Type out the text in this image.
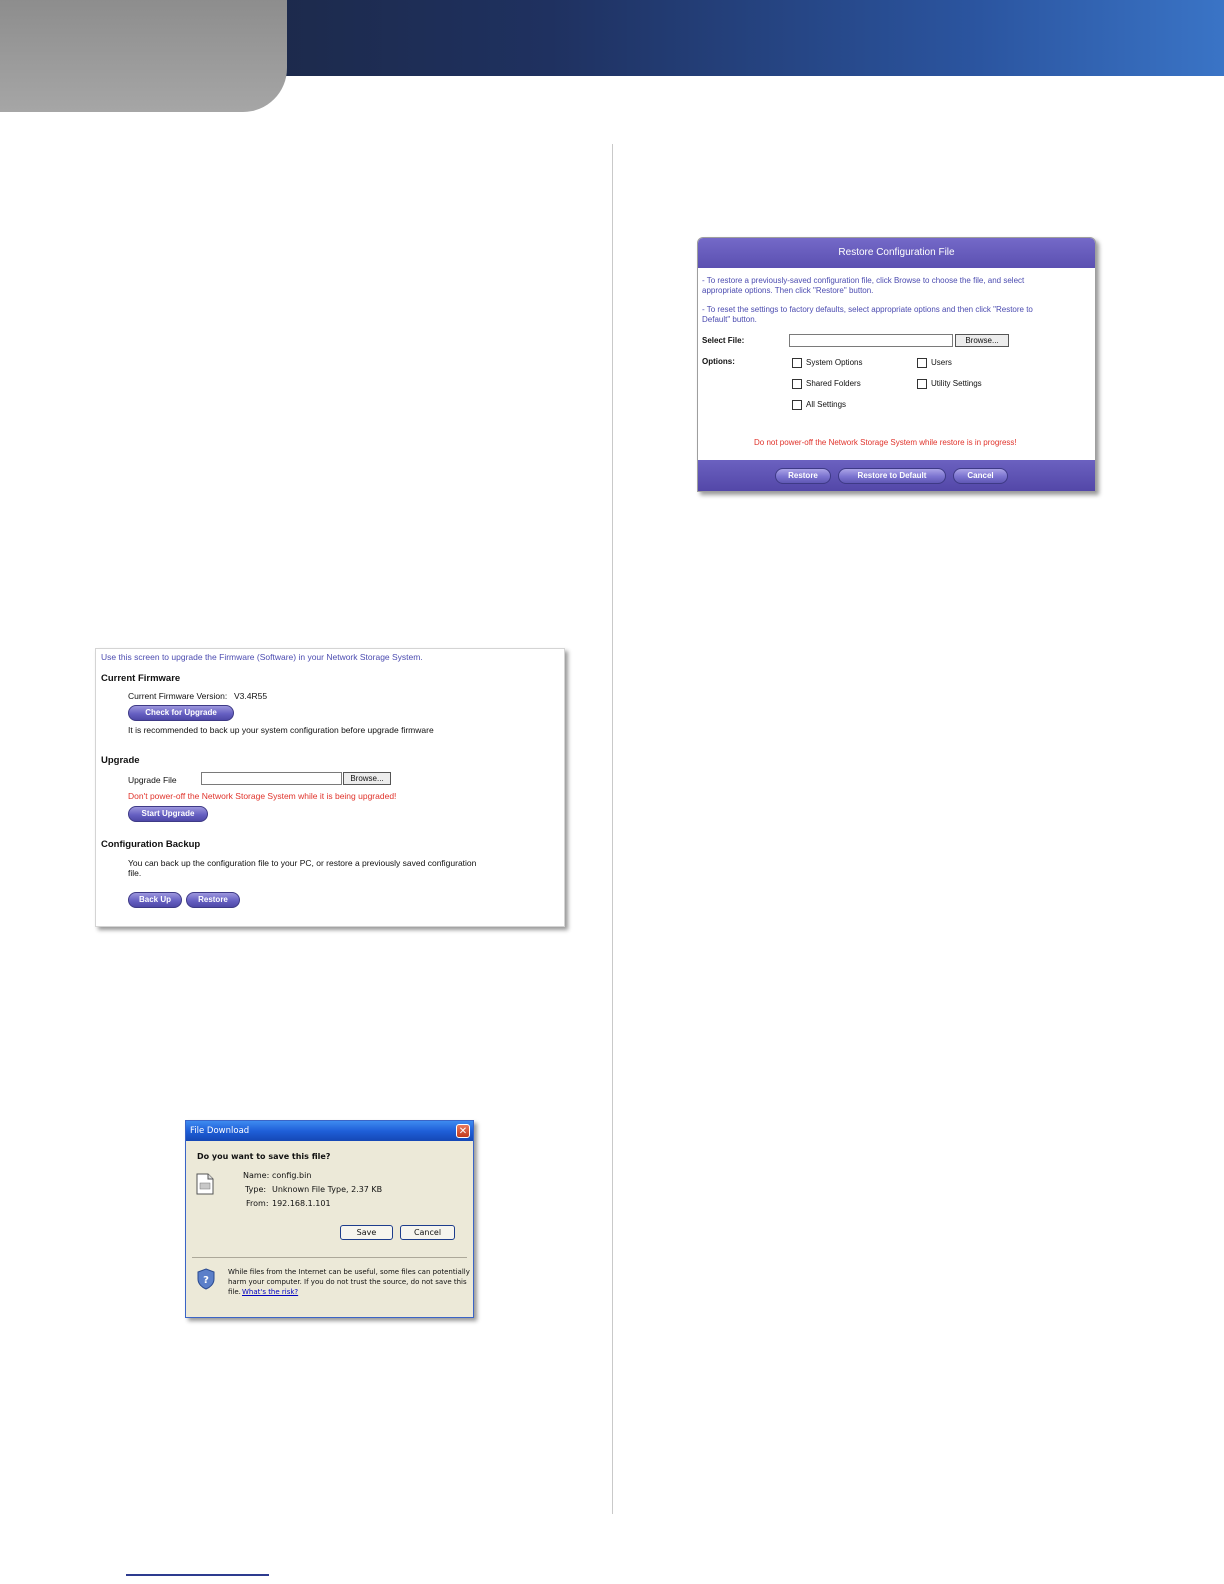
Restore Configuration File
- To restore a previously-saved configuration file, click Browse to choose the file, and select
appropriate options. Then click "Restore" button.
- To reset the settings to factory defaults, select appropriate options and then click "Restore to
Default" button.
Select File:	Browse...
Options:	System Options	Users
Shared Folders	Utility Settings
All Settings
Do not power-off the Network Storage System while restore is in progress!
Restore	Restore to Default	Cancel
Use this screen to upgrade the Firmware (Software) in your Network Storage System.
Current Firmware
Current Firmware Version: V3.4R55
Check for Upgrade
It is recommended to back up your system configuration before upgrade firmware
Upgrade
Upgrade File	Browse...
Don't power-off the Network Storage System while it is being upgraded!
Start Upgrade
Configuration Backup
You can back up the configuration file to your PC, or restore a previously saved configuration
file.
Back Up	Restore
File Download	✕
Do you want to save this file?
Name: config.bin
Type: Unknown File Type, 2.37 KB
From: 192.168.1.101
Save	Cancel
?
While files from the Internet can be useful, some files can potentially
harm your computer. If you do not trust the source, do not save this
file. What's the risk?
